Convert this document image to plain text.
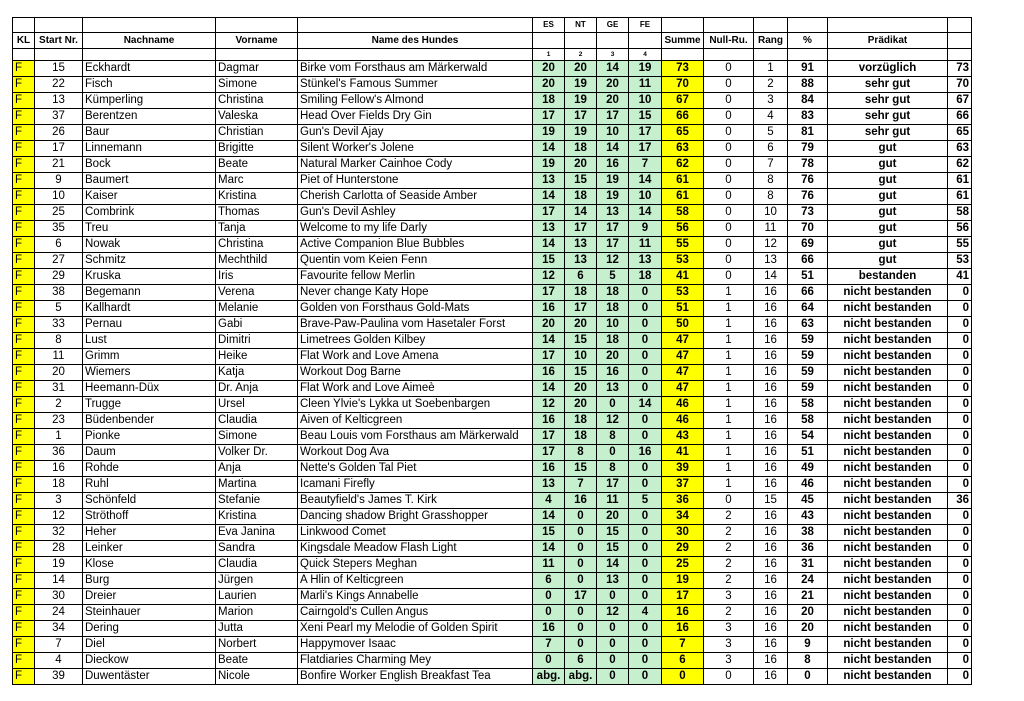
					ES	NT	GE	FE						
KL	Start Nr.	Nachname	Vorname	Name des Hundes					Summe	Null-Ru.	Rang	%	Prädikat	
					1	2	3	4						
F	15	Eckhardt	Dagmar	Birke vom Forsthaus am Märkerwald	20	20	14	19	73	0	1	91	vorzüglich	73
F	22	Fisch	Simone	Stünkel's Famous Summer	20	19	20	11	70	0	2	88	sehr gut	70
F	13	Kümperling	Christina	Smiling Fellow's Almond	18	19	20	10	67	0	3	84	sehr gut	67
F	37	Berentzen	Valeska	Head Over Fields Dry Gin	17	17	17	15	66	0	4	83	sehr gut	66
F	26	Baur	Christian	Gun's Devil Ajay	19	19	10	17	65	0	5	81	sehr gut	65
F	17	Linnemann	Brigitte	Silent Worker's Jolene	14	18	14	17	63	0	6	79	gut	63
F	21	Bock	Beate	Natural Marker Cainhoe Cody	19	20	16	7	62	0	7	78	gut	62
F	9	Baumert	Marc	Piet of Hunterstone	13	15	19	14	61	0	8	76	gut	61
F	10	Kaiser	Kristina	Cherish Carlotta of Seaside Amber	14	18	19	10	61	0	8	76	gut	61
F	25	Combrink	Thomas	Gun's Devil Ashley	17	14	13	14	58	0	10	73	gut	58
F	35	Treu	Tanja	Welcome to my life Darly	13	17	17	9	56	0	11	70	gut	56
F	6	Nowak	Christina	Active Companion Blue Bubbles	14	13	17	11	55	0	12	69	gut	55
F	27	Schmitz	Mechthild	Quentin vom Keien Fenn	15	13	12	13	53	0	13	66	gut	53
F	29	Kruska	Iris	Favourite fellow Merlin	12	6	5	18	41	0	14	51	bestanden	41
F	38	Begemann	Verena	Never change Katy Hope	17	18	18	0	53	1	16	66	nicht bestanden	0
F	5	Kallhardt	Melanie	Golden von Forsthaus Gold-Mats	16	17	18	0	51	1	16	64	nicht bestanden	0
F	33	Pernau	Gabi	Brave-Paw-Paulina vom Hasetaler Forst	20	20	10	0	50	1	16	63	nicht bestanden	0
F	8	Lust	Dimitri	Limetrees Golden Kilbey	14	15	18	0	47	1	16	59	nicht bestanden	0
F	11	Grimm	Heike	Flat Work and Love Amena	17	10	20	0	47	1	16	59	nicht bestanden	0
F	20	Wiemers	Katja	Workout Dog Barne	16	15	16	0	47	1	16	59	nicht bestanden	0
F	31	Heemann-Düx	Dr. Anja	Flat Work and Love Aimeè	14	20	13	0	47	1	16	59	nicht bestanden	0
F	2	Trugge	Ursel	Cleen Ylvie's Lykka ut Soebenbargen	12	20	0	14	46	1	16	58	nicht bestanden	0
F	23	Büdenbender	Claudia	Aiven of Kelticgreen	16	18	12	0	46	1	16	58	nicht bestanden	0
F	1	Pionke	Simone	Beau Louis vom Forsthaus am Märkerwald	17	18	8	0	43	1	16	54	nicht bestanden	0
F	36	Daum	Volker Dr.	Workout Dog Ava	17	8	0	16	41	1	16	51	nicht bestanden	0
F	16	Rohde	Anja	Nette's Golden Tal Piet	16	15	8	0	39	1	16	49	nicht bestanden	0
F	18	Ruhl	Martina	Icamani Firefly	13	7	17	0	37	1	16	46	nicht bestanden	0
F	3	Schönfeld	Stefanie	Beautyfield's James T. Kirk	4	16	11	5	36	0	15	45	nicht bestanden	36
F	12	Ströthoff	Kristina	Dancing shadow Bright Grasshopper	14	0	20	0	34	2	16	43	nicht bestanden	0
F	32	Heher	Eva Janina	Linkwood Comet	15	0	15	0	30	2	16	38	nicht bestanden	0
F	28	Leinker	Sandra	Kingsdale Meadow Flash Light	14	0	15	0	29	2	16	36	nicht bestanden	0
F	19	Klose	Claudia	Quick Stepers Meghan	11	0	14	0	25	2	16	31	nicht bestanden	0
F	14	Burg	Jürgen	A Hlin of Kelticgreen	6	0	13	0	19	2	16	24	nicht bestanden	0
F	30	Dreier	Laurien	Marli's Kings Annabelle	0	17	0	0	17	3	16	21	nicht bestanden	0
F	24	Steinhauer	Marion	Cairngold's Cullen Angus	0	0	12	4	16	2	16	20	nicht bestanden	0
F	34	Dering	Jutta	Xeni Pearl my Melodie of Golden Spirit	16	0	0	0	16	3	16	20	nicht bestanden	0
F	7	Diel	Norbert	Happymover Isaac	7	0	0	0	7	3	16	9	nicht bestanden	0
F	4	Dieckow	Beate	Flatdiaries Charming Mey	0	6	0	0	6	3	16	8	nicht bestanden	0
F	39	Duwentäster	Nicole	Bonfire Worker English Breakfast Tea	abg.	abg.	0	0	0	0	16	0	nicht bestanden	0
